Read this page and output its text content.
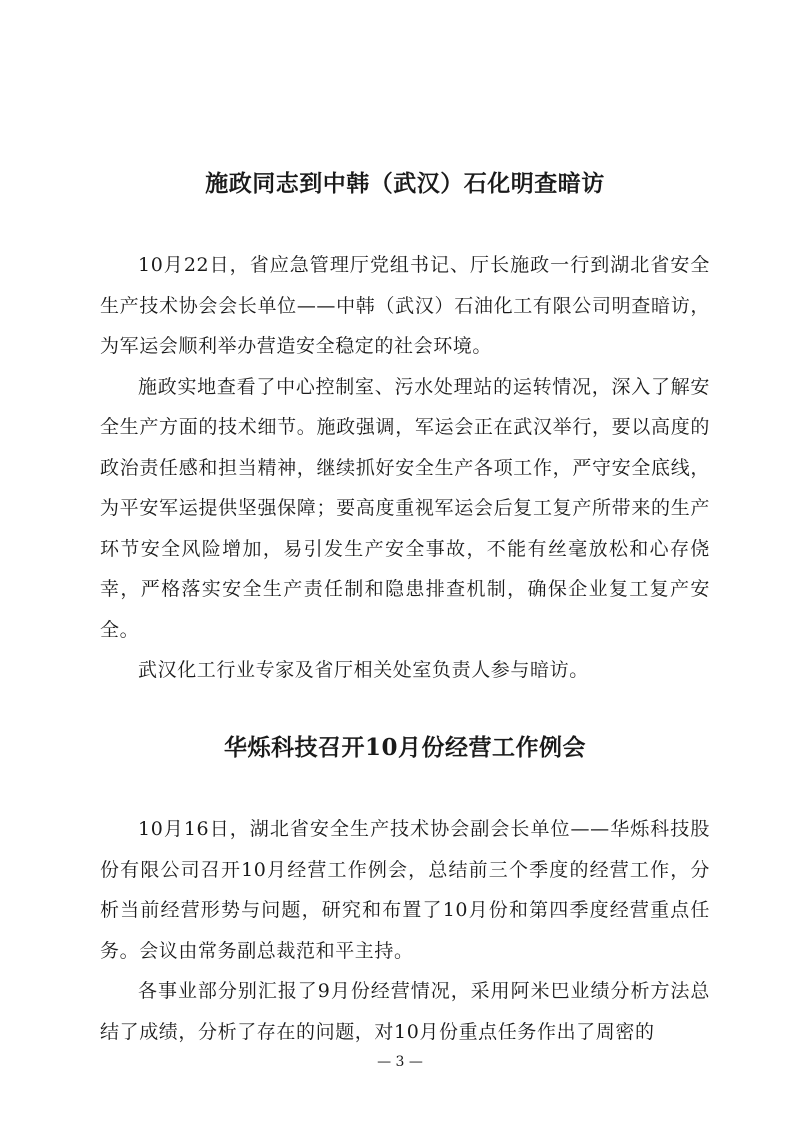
施政同志到中韩（武汉）石化明查暗访

10月22日，省应急管理厅党组书记、厅长施政一行到湖北省安全生产技术协会会长单位——中韩（武汉）石油化工有限公司明查暗访，为军运会顺利举办营造安全稳定的社会环境。

施政实地查看了中心控制室、污水处理站的运转情况，深入了解安全生产方面的技术细节。施政强调，军运会正在武汉举行，要以高度的政治责任感和担当精神，继续抓好安全生产各项工作，严守安全底线，为平安军运提供坚强保障；要高度重视军运会后复工复产所带来的生产环节安全风险增加，易引发生产安全事故，不能有丝毫放松和心存侥幸，严格落实安全生产责任制和隐患排查机制，确保企业复工复产安全。

武汉化工行业专家及省厅相关处室负责人参与暗访。

华烁科技召开10月份经营工作例会

10月16日，湖北省安全生产技术协会副会长单位——华烁科技股份有限公司召开10月经营工作例会，总结前三个季度的经营工作，分析当前经营形势与问题，研究和布置了10月份和第四季度经营重点任务。会议由常务副总裁范和平主持。

各事业部分别汇报了9月份经营情况，采用阿米巴业绩分析方法总结了成绩，分析了存在的问题，对10月份重点任务作出了周密的

— 3 —
